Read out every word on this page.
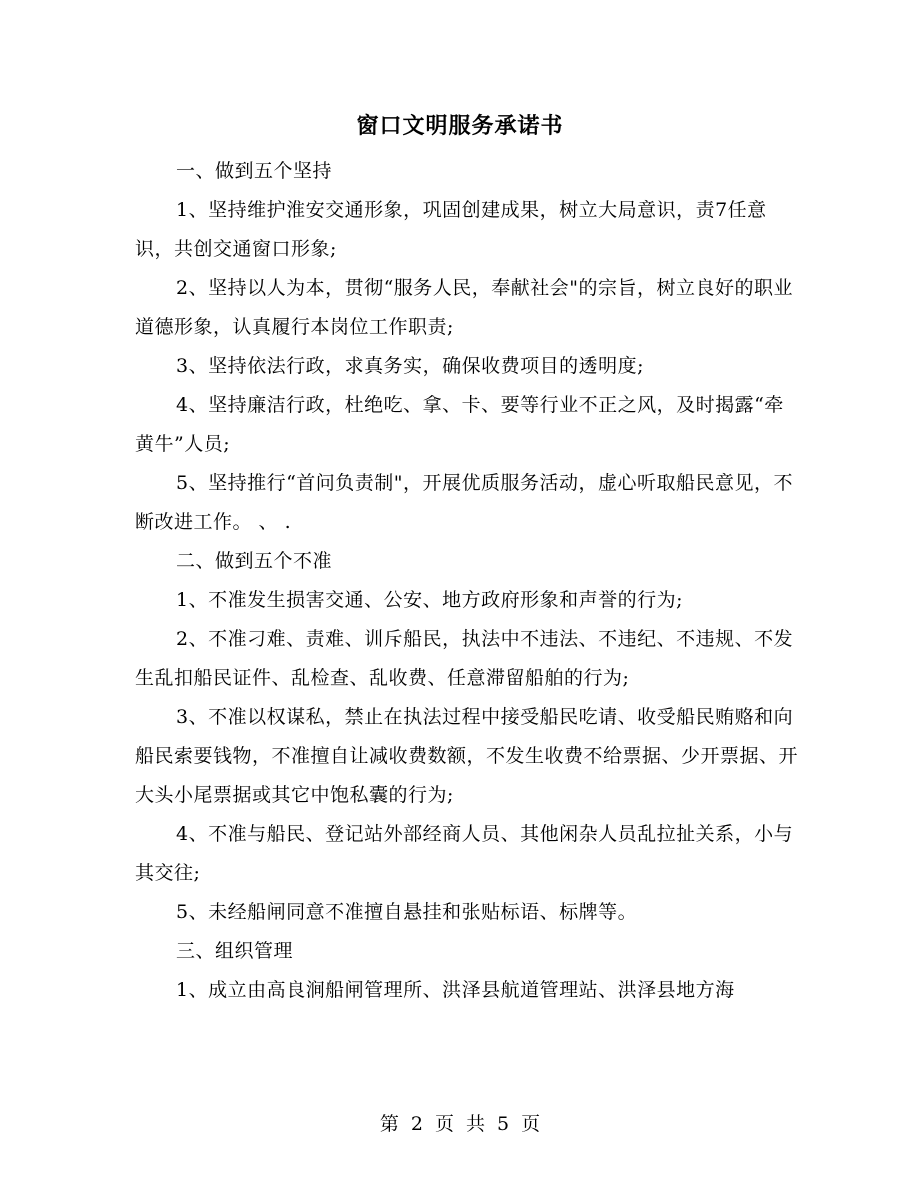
窗口文明服务承诺书

一、做到五个坚持

1、坚持维护淮安交通形象，巩固创建成果，树立大局意识，责7任意识，共创交通窗口形象;

2、坚持以人为本，贯彻“服务人民，奉献社会"的宗旨，树立良好的职业道德形象，认真履行本岗位工作职责;

3、坚持依法行政，求真务实，确保收费项目的透明度;

4、坚持廉洁行政，杜绝吃、拿、卡、要等行业不正之风，及时揭露“牵黄牛”人员;

5、坚持推行“首问负责制"，开展优质服务活动，虚心听取船民意见，不断改进工作。 、 .

二、做到五个不准

1、不准发生损害交通、公安、地方政府形象和声誉的行为;

2、不准刁难、责难、训斥船民，执法中不违法、不违纪、不违规、不发生乱扣船民证件、乱检查、乱收费、任意滞留船舶的行为;

3、不准以权谋私，禁止在执法过程中接受船民吃请、收受船民贿赂和向船民索要钱物，不准擅自让减收费数额，不发生收费不给票据、少开票据、开大头小尾票据或其它中饱私囊的行为;

4、不准与船民、登记站外部经商人员、其他闲杂人员乱拉扯关系，小与其交往;

5、未经船闸同意不准擅自悬挂和张贴标语、标牌等。

三、组织管理

1、成立由高良涧船闸管理所、洪泽县航道管理站、洪泽县地方海

第 2 页 共 5 页
